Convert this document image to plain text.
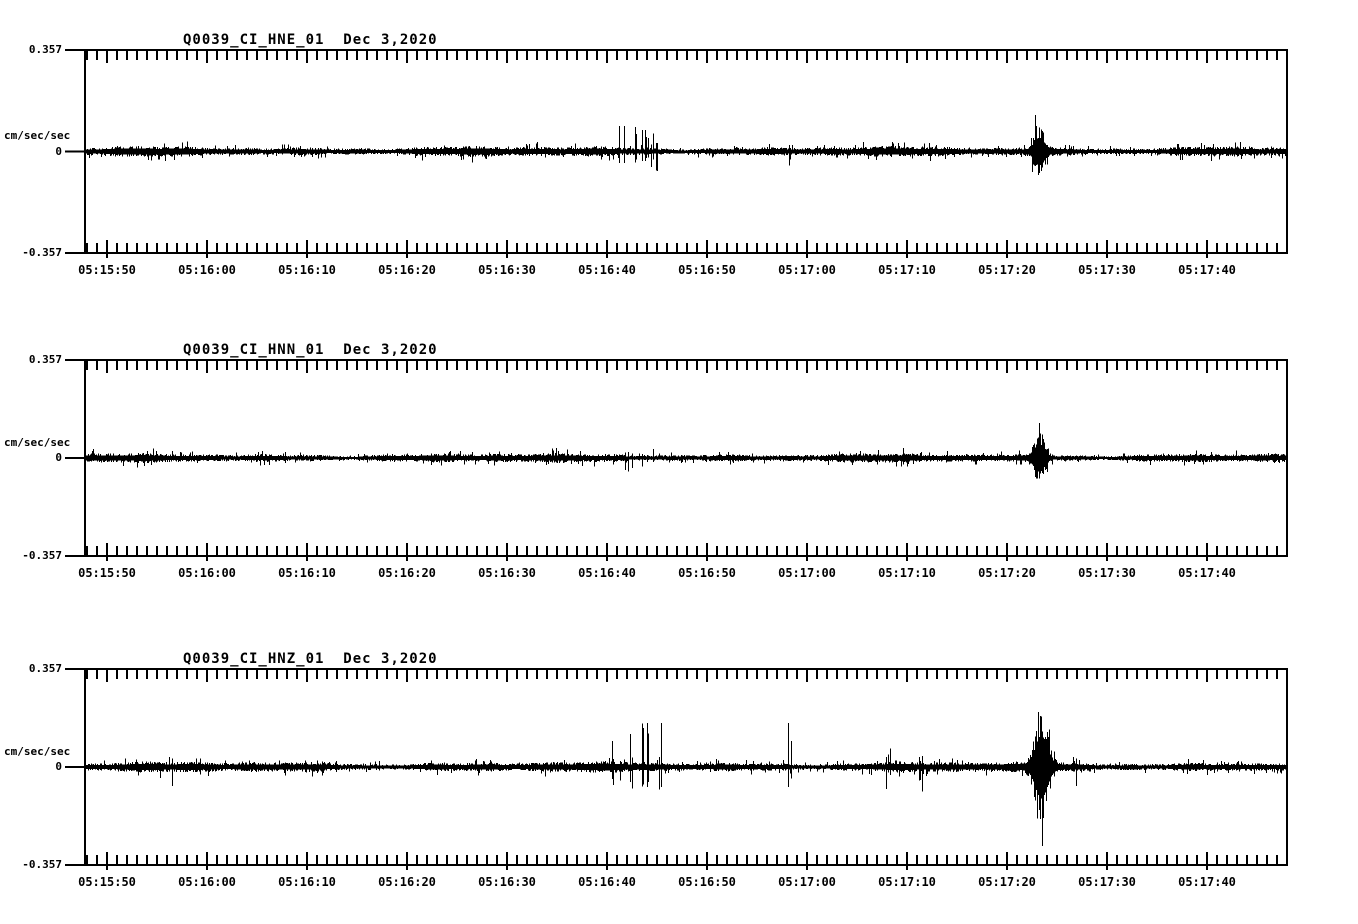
Q0039_CI_HNE_01  Dec 3,2020
0.357
cm/sec/sec
0
-0.357
05:15:50	05:16:00	05:16:10	05:16:20	05:16:30	05:16:40	05:16:50	05:17:00	05:17:10	05:17:20	05:17:30	05:17:40
Q0039_CI_HNN_01  Dec 3,2020
0.357
cm/sec/sec
0
-0.357
05:15:50	05:16:00	05:16:10	05:16:20	05:16:30	05:16:40	05:16:50	05:17:00	05:17:10	05:17:20	05:17:30	05:17:40
Q0039_CI_HNZ_01  Dec 3,2020
0.357
cm/sec/sec
0
-0.357
05:15:50	05:16:00	05:16:10	05:16:20	05:16:30	05:16:40	05:16:50	05:17:00	05:17:10	05:17:20	05:17:30	05:17:40
